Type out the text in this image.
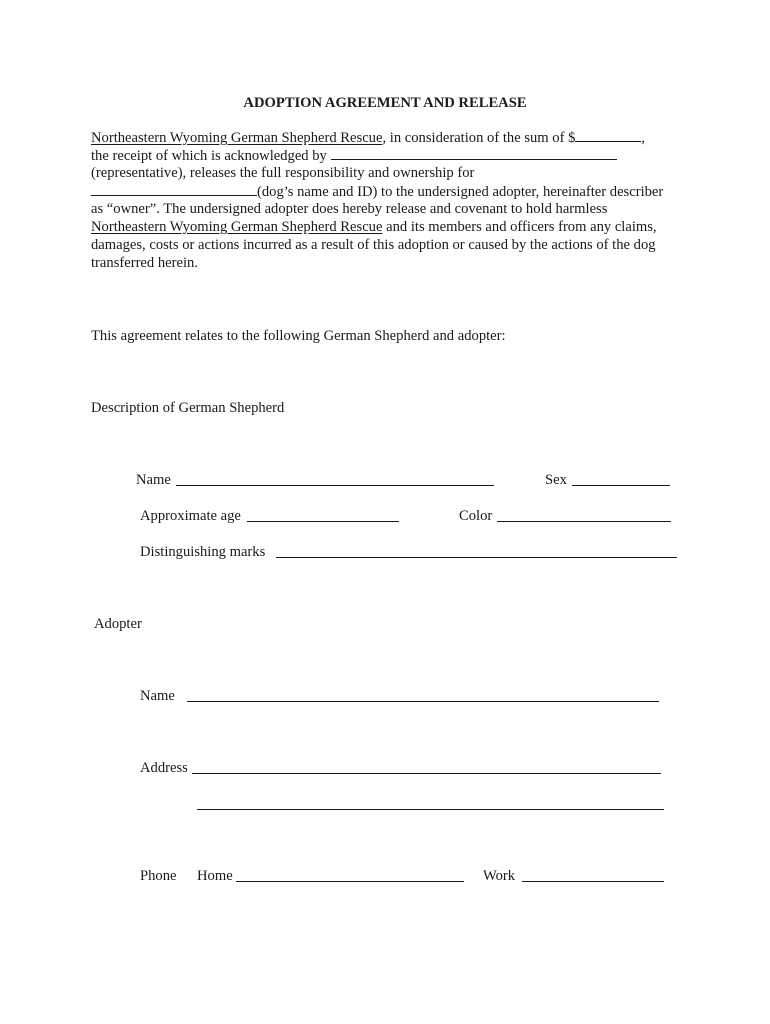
ADOPTION AGREEMENT AND RELEASE
Northeastern Wyoming German Shepherd Rescue, in consideration of the sum of $	,
the receipt of which is acknowledged by
(representative), releases the full responsibility and ownership for
(dog’s name and ID) to the undersigned adopter, hereinafter describer
as “owner”. The undersigned adopter does hereby release and covenant to hold harmless
Northeastern Wyoming German Shepherd Rescue and its members and officers from any claims,
damages, costs or actions incurred as a result of this adoption or caused by the actions of the dog
transferred herein.
This agreement relates to the following German Shepherd and adopter:
Description of German Shepherd
Name	Sex
Approximate age	Color
Distinguishing marks
Adopter
Name
Address
Phone Home	Work
